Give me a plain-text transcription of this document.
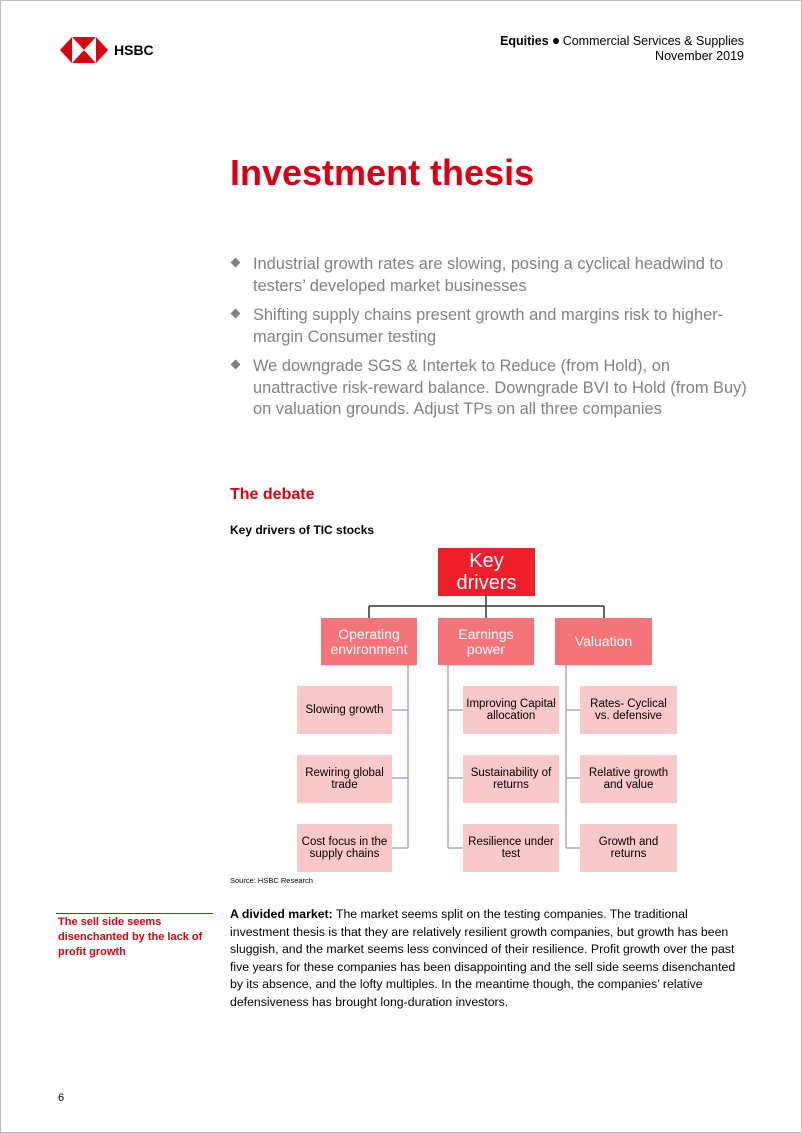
HSBC
Equities Commercial Services & Supplies
November 2019
Investment thesis
Industrial growth rates are slowing, posing a cyclical headwind to testers’ developed market businesses
Shifting supply chains present growth and margins risk to higher-margin Consumer testing
We downgrade SGS & Intertek to Reduce (from Hold), on unattractive risk-reward balance. Downgrade BVI to Hold (from Buy) on valuation grounds. Adjust TPs on all three companies
The debate
Key drivers of TIC stocks
Key drivers
Operating environment
Earnings power	Valuation
Slowing growth
Rewiring global trade
Cost focus in the supply chains
Improving Capital allocation
Sustainability of returns
Resilience under test
Rates- Cyclical vs. defensive
Relative growth and value
Growth and returns
Source: HSBC Research

The sell side seems disenchanted by the lack of profit growth

A divided market: The market seems split on the testing companies. The traditional investment thesis is that they are relatively resilient growth companies, but growth has been sluggish, and the market seems less convinced of their resilience. Profit growth over the past five years for these companies has been disappointing and the sell side seems disenchanted by its absence, and the lofty multiples. In the meantime though, the companies’ relative defensiveness has brought long-duration investors.

6
